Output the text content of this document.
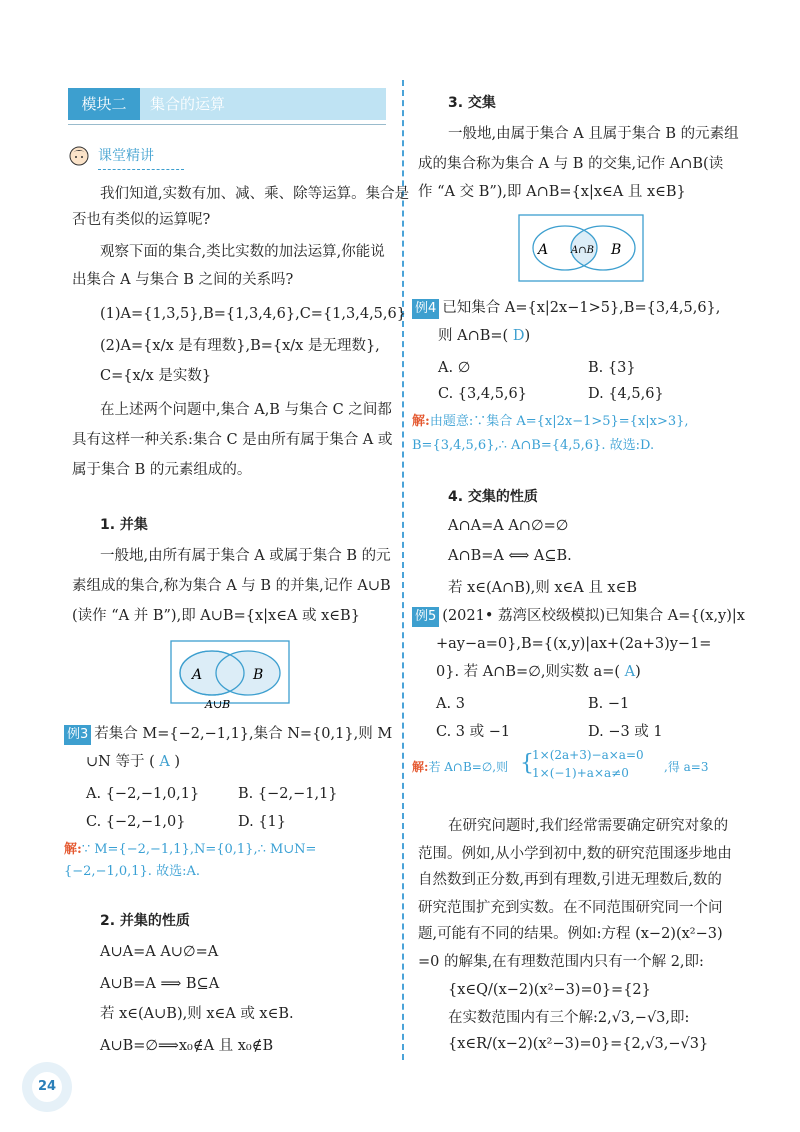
模块二	集合的运算
课堂精讲
我们知道,实数有加、减、乘、除等运算。集合是
否也有类似的运算呢?
观察下面的集合,类比实数的加法运算,你能说
出集合 A 与集合 B 之间的关系吗?
(1)A={1,3,5},B={1,3,4,6},C={1,3,4,5,6}
(2)A={x/x 是有理数},B={x/x 是无理数},
C={x/x 是实数}
在上述两个问题中,集合 A,B 与集合 C 之间都
具有这样一种关系:集合 C 是由所有属于集合 A 或
属于集合 B 的元素组成的。
1. 并集
一般地,由所有属于集合 A 或属于集合 B 的元
素组成的集合,称为集合 A 与 B 的并集,记作 A∪B
(读作 “A 并 B”),即 A∪B={x|x∈A 或 x∈B}
A	B
A∪B
例3 若集合 M={−2,−1,1},集合 N={0,1},则 M
∪N 等于 ( A )
A. {−2,−1,0,1}	B. {−2,−1,1}
C. {−2,−1,0}	D. {1}
解:∵ M={−2,−1,1},N={0,1},∴ M∪N=
{−2,−1,0,1}. 故选:A.
2. 并集的性质
A∪A=A A∪∅=A
A∪B=A ⟹ B⊆A
若 x∈(A∪B),则 x∈A 或 x∈B.
A∪B=∅⟹x₀∉A 且 x₀∉B
24
3. 交集
一般地,由属于集合 A 且属于集合 B 的元素组
成的集合称为集合 A 与 B 的交集,记作 A∩B(读
作 “A 交 B”),即 A∩B={x|x∈A 且 x∈B}
A A∩B B
例4 已知集合 A={x|2x−1>5},B={3,4,5,6},
则 A∩B=( D)
A. ∅	B. {3}
C. {3,4,5,6}	D. {4,5,6}
解:由题意:∵集合 A={x|2x−1>5}={x|x>3},
B={3,4,5,6},∴ A∩B={4,5,6}. 故选:D.
4. 交集的性质
A∩A=A A∩∅=∅
A∩B=A ⟺ A⊆B.
若 x∈(A∩B),则 x∈A 且 x∈B
例5 (2021• 荔湾区校级模拟)已知集合 A={(x,y)|x
+ay−a=0},B={(x,y)|ax+(2a+3)y−1=
0}. 若 A∩B=∅,则实数 a=( A)
A. 3	B. −1
C. 3 或 −1	D. −3 或 1
解:若 A∩B=∅,则 {
1×(2a+3)−a×a=0
1×(−1)+a×a≠0	,得 a=3
在研究问题时,我们经常需要确定研究对象的
范围。例如,从小学到初中,数的研究范围逐步地由
自然数到正分数,再到有理数,引进无理数后,数的
研究范围扩充到实数。在不同范围研究同一个问
题,可能有不同的结果。例如:方程 (x−2)(x²−3)
=0 的解集,在有理数范围内只有一个解 2,即:
{x∈Q/(x−2)(x²−3)=0}={2}
在实数范围内有三个解:2,√3,−√3,即:
{x∈R/(x−2)(x²−3)=0}={2,√3,−√3}
